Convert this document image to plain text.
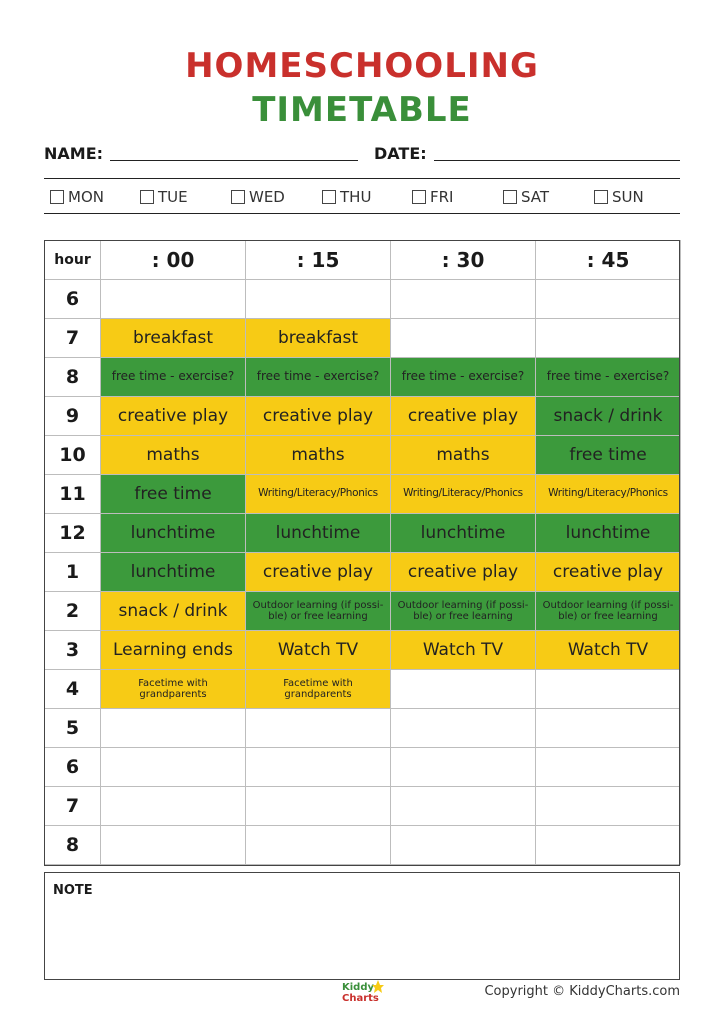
HOMESCHOOLING
TIMETABLE
NAME:	DATE:
MON	TUE	WED	THU	FRI	SAT	SUN
hour	: 00	: 15	: 30	: 45
6	

7	breakfast	breakfast		

8	free time - exercise?	free time - exercise?	free time - exercise?	free time - exercise?

9	creative play	creative play	creative play	snack / drink

10	maths	maths	maths	free time

11	free time	Writing/Literacy/Phonics	Writing/Literacy/Phonics	Writing/Literacy/Phonics

12	lunchtime	lunchtime	lunchtime	lunchtime

1	lunchtime	creative play	creative play	creative play

2	snack / drink	Outdoor learning (if possi-ble) or free learning	Outdoor learning (if possi-ble) or free learning	Outdoor learning (if possi-ble) or free learning

3	Learning ends	Watch TV	Watch TV	Watch TV

4	Facetime with grandparents	Facetime with grandparents		

5	

6	

7	

8	

NOTE
Kiddy
Charts	Copyright © KiddyCharts.com
